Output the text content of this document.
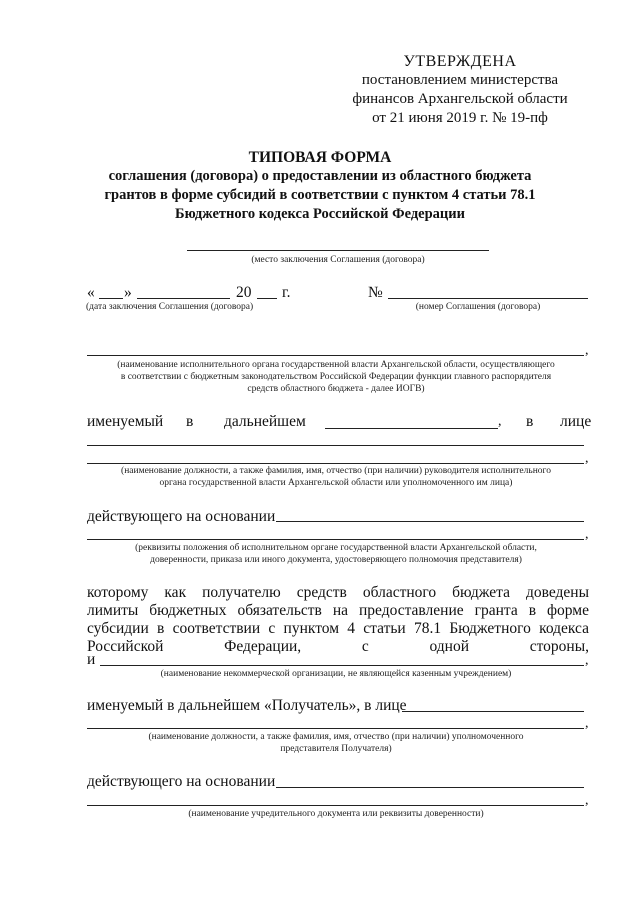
УТВЕРЖДЕНА
постановлением министерства
финансов Архангельской области
от 21 июня 2019 г. № 19-пф
ТИПОВАЯ ФОРМА
соглашения (договора) о предоставлении из областного бюджета
грантов в форме субсидий в соответствии с пунктом 4 статьи 78.1
Бюджетного кодекса Российской Федерации
(место заключения Соглашения (договора)
« »	20 г.
(дата заключения Соглашения (договора)
№
(номер Соглашения (договора)
,
(наименование исполнительного органа государственной власти Архангельской области, осуществляющего
в соответствии с бюджетным законодательством Российской Федерации функции главного распорядителя
средств областного бюджета - далее ИОГВ)
именуемый в дальнейшем	, в лице
,
(наименование должности, а также фамилия, имя, отчество (при наличии) руководителя исполнительного
органа государственной власти Архангельской области или уполномоченного им лица)
действующего на основании
,
(реквизиты положения об исполнительном органе государственной власти Архангельской области,
доверенности, приказа или иного документа, удостоверяющего полномочия представителя)
которому как получателю средств областного бюджета доведены
лимиты бюджетных обязательств на предоставление гранта в форме
субсидии в соответствии с пунктом 4 статьи 78.1 Бюджетного кодекса
Российской	Федерации,	с	одной	стороны,
и	,
(наименование некоммерческой организации, не являющейся казенным учреждением)
именуемый в дальнейшем «Получатель», в лице
,
(наименование должности, а также фамилия, имя, отчество (при наличии) уполномоченного
представителя Получателя)
действующего на основании
,
(наименование учредительного документа или реквизиты доверенности)
